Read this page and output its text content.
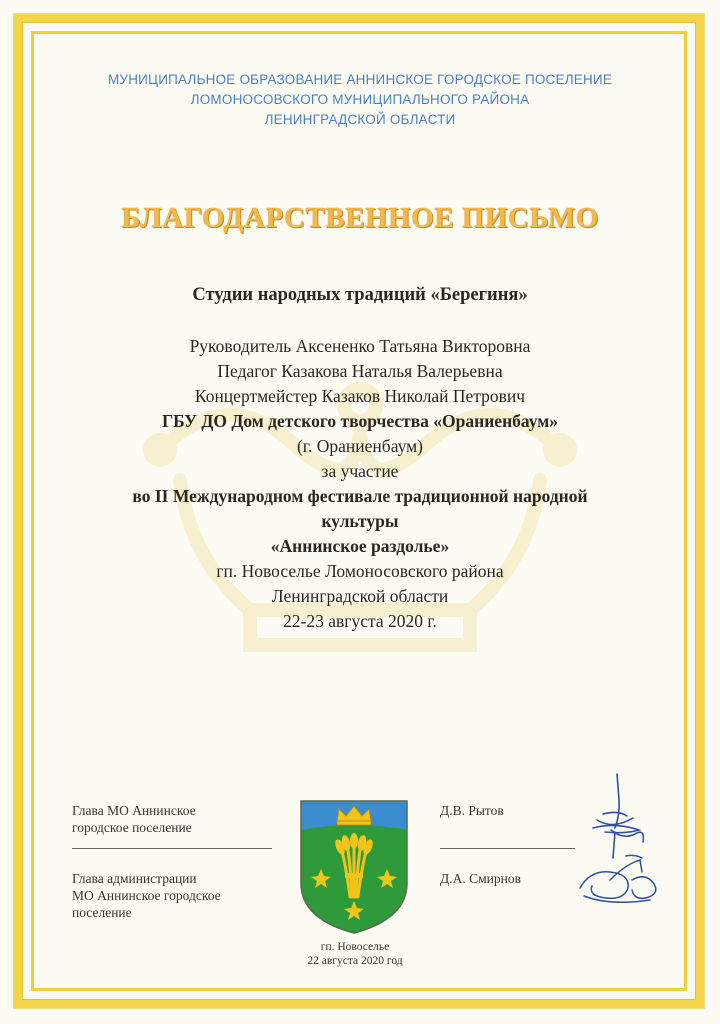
МУНИЦИПАЛЬНОЕ ОБРАЗОВАНИЕ АННИНСКОЕ ГОРОДСКОЕ ПОСЕЛЕНИЕ
ЛОМОНОСОВСКОГО МУНИЦИПАЛЬНОГО РАЙОНА
ЛЕНИНГРАДСКОЙ ОБЛАСТИ
БЛАГОДАРСТВЕННОЕ ПИСЬМО
Студии народных традиций «Берегиня»
Руководитель Аксененко Татьяна Викторовна
Педагог Казакова Наталья Валерьевна
Концертмейстер Казаков Николай Петрович
ГБУ ДО Дом детского творчества «Ораниенбаум»
(г. Ораниенбаум)
за участие
во II Международном фестивале традиционной народной
культуры
«Аннинское раздолье»
гп. Новоселье Ломоносовского района
Ленинградской области
22-23 августа 2020 г.
Глава МО Аннинское
городское поселение
Д.В. Рытов
Глава администрации
МО Аннинское городское
поселение
Д.А. Смирнов
гп. Новоселье
22 августа 2020 год
